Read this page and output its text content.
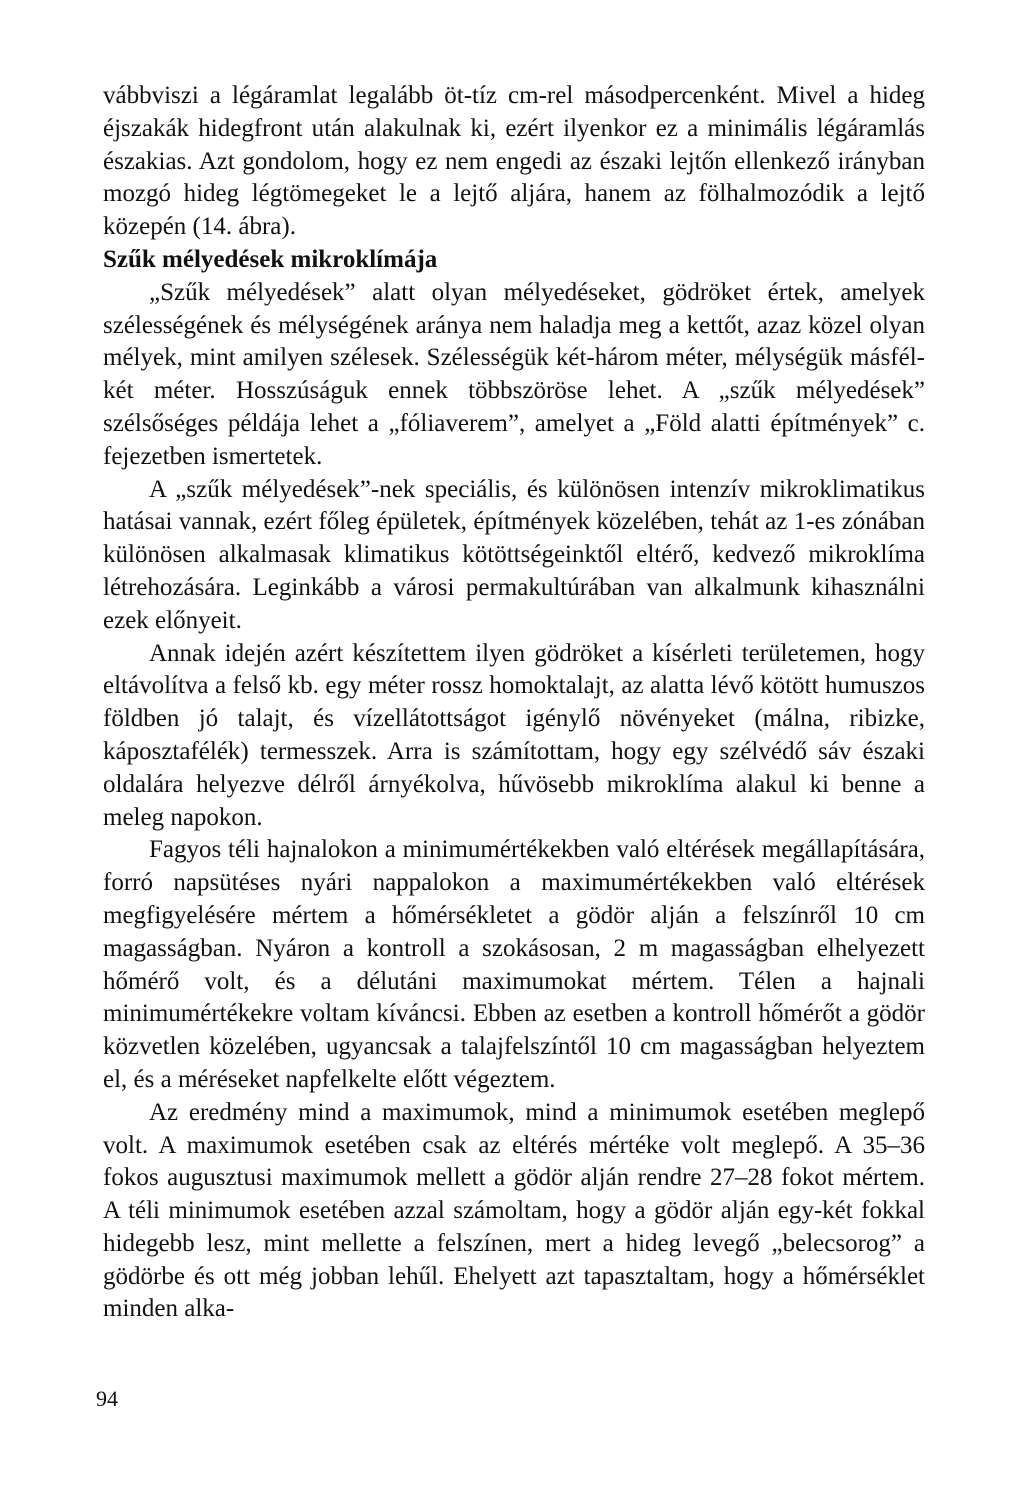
vábbviszi a légáramlat legalább öt-tíz cm-rel másodpercenként. Mivel a hideg éjszakák hidegfront után alakulnak ki, ezért ilyenkor ez a minimális légáramlás északias. Azt gondolom, hogy ez nem engedi az északi lejtőn ellenkező irányban mozgó hideg légtömegeket le a lejtő aljára, hanem az fölhalmozódik a lejtő közepén (14. ábra).

Szűk mélyedések mikroklímája

„Szűk mélyedések” alatt olyan mélyedéseket, gödröket értek, amelyek szélességének és mélységének aránya nem haladja meg a kettőt, azaz közel olyan mélyek, mint amilyen szélesek. Szélességük két-három méter, mélységük másfél-két méter. Hosszúságuk ennek többszöröse lehet. A „szűk mélyedések” szélsőséges példája lehet a „fóliaverem”, amelyet a „Föld alatti építmények” c. fejezetben ismertetek.

A „szűk mélyedések”-nek speciális, és különösen intenzív mikroklimatikus hatásai vannak, ezért főleg épületek, építmények közelében, tehát az 1-es zónában különösen alkalmasak klimatikus kötöttségeinktől eltérő, kedvező mikroklíma létrehozására. Leginkább a városi permakultúrában van alkalmunk kihasználni ezek előnyeit.

Annak idején azért készítettem ilyen gödröket a kísérleti területemen, hogy eltávolítva a felső kb. egy méter rossz homoktalajt, az alatta lévő kötött humuszos földben jó talajt, és vízellátottságot igénylő növényeket (málna, ribizke, káposztafélék) termesszek. Arra is számítottam, hogy egy szélvédő sáv északi oldalára helyezve délről árnyékolva, hűvösebb mikroklíma alakul ki benne a meleg napokon.

Fagyos téli hajnalokon a minimumértékekben való eltérések megállapítására, forró napsütéses nyári nappalokon a maximumértékekben való eltérések megfigyelésére mértem a hőmérsékletet a gödör alján a felszínről 10 cm magasságban. Nyáron a kontroll a szokásosan, 2 m magasságban elhelyezett hőmérő volt, és a délutáni maximumokat mértem. Télen a hajnali minimumértékekre voltam kíváncsi. Ebben az esetben a kontroll hőmérőt a gödör közvetlen közelében, ugyancsak a talajfelszíntől 10 cm magasságban helyeztem el, és a méréseket napfelkelte előtt végeztem.

Az eredmény mind a maximumok, mind a minimumok esetében meglepő volt. A maximumok esetében csak az eltérés mértéke volt meglepő. A 35–36 fokos augusztusi maximumok mellett a gödör alján rendre 27–28 fokot mértem. A téli minimumok esetében azzal számoltam, hogy a gödör alján egy-két fokkal hidegebb lesz, mint mellette a felszínen, mert a hideg levegő „belecsorog” a gödörbe és ott még jobban lehűl. Ehelyett azt tapasztaltam, hogy a hőmérséklet minden alka-

94
